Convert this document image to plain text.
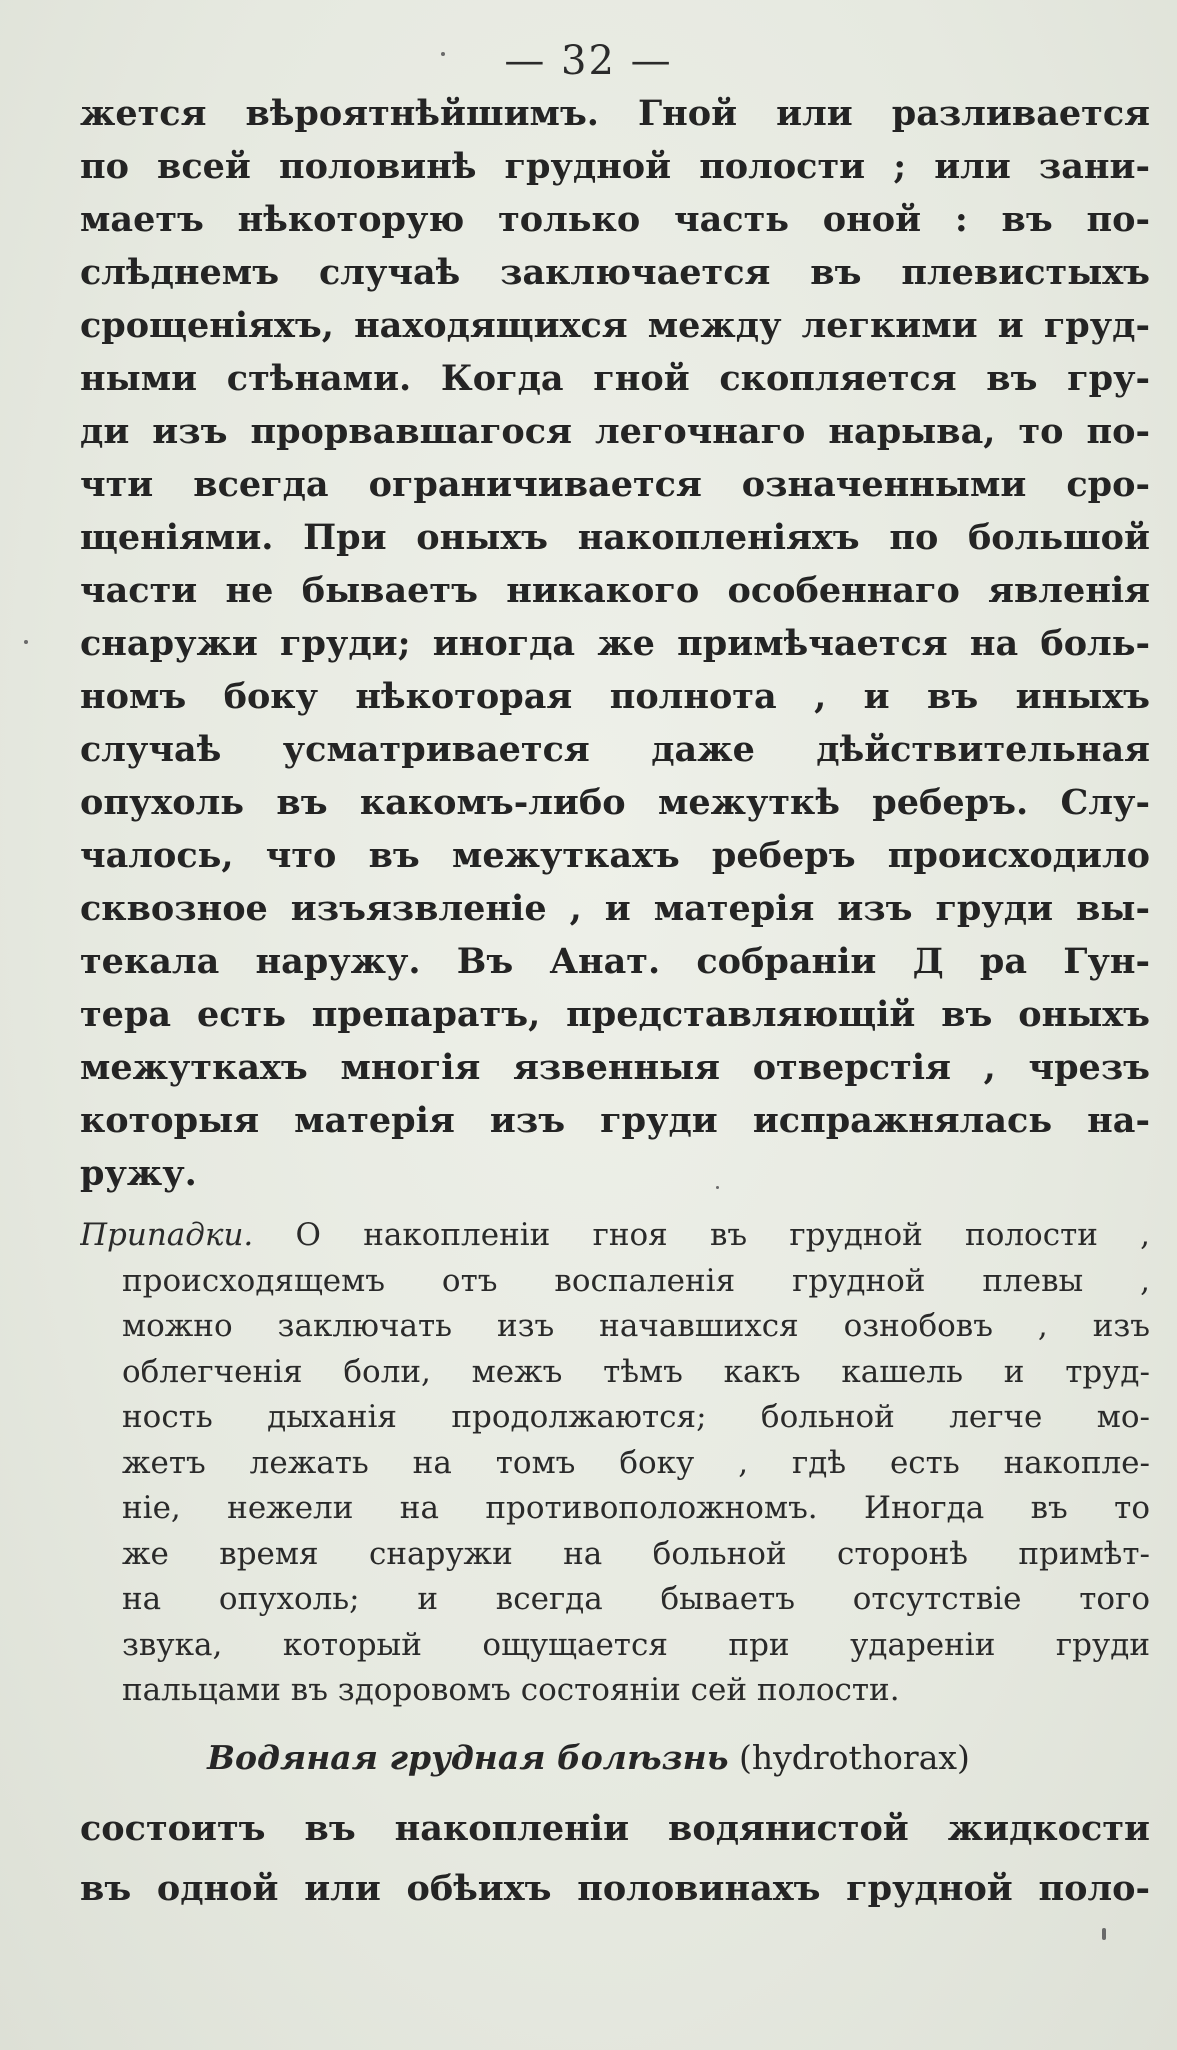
— 32 —
жется вѣроятнѣйшимъ. Гной или разливается
по всей половинѣ грудной полости ; или зани-
маетъ нѣкоторую только часть оной : въ по-
слѣднемъ случаѣ заключается въ плевистыхъ
срощеніяхъ, находящихся между легкими и груд-
ными стѣнами. Когда гной скопляется въ гру-
ди изъ прорвавшагося легочнаго нарыва, то по-
чти всегда ограничивается означенными сро-
щеніями. При оныхъ накопленіяхъ по большой
части не бываетъ никакого особеннаго явленія
снаружи груди; иногда же примѣчается на боль-
номъ боку нѣкоторая полнота , и въ иныхъ
случаѣ усматривается даже дѣйствительная
опухоль въ какомъ-либо межуткѣ реберъ. Слу-
чалось, что въ межуткахъ реберъ происходило
сквозное изъязвленіе , и матерія изъ груди вы-
текала наружу. Въ Анат. собраніи Д ра Гун-
тера есть препаратъ, представляющій въ оныхъ
межуткахъ многія язвенныя отверстія , чрезъ
которыя матерія изъ груди испражнялась на-
ружу.
Припадки. О накопленіи гноя въ грудной полости ,
происходящемъ отъ воспаленія грудной плевы ,
можно заключать изъ начавшихся ознобовъ , изъ
облегченія боли, межъ тѣмъ какъ кашель и труд-
ность дыханія продолжаются; больной легче мо-
жетъ лежать на томъ боку , гдѣ есть накопле-
ніе, нежели на противоположномъ. Иногда въ то
же время снаружи на больной сторонѣ примѣт-
на опухоль; и всегда бываетъ отсутствіе того
звука, который ощущается при удареніи груди
пальцами въ здоровомъ состояніи сей полости.
Водяная грудная болѣзнь (hydrothorax)
состоитъ въ накопленіи водянистой жидкости
въ одной или обѣихъ половинахъ грудной поло-
